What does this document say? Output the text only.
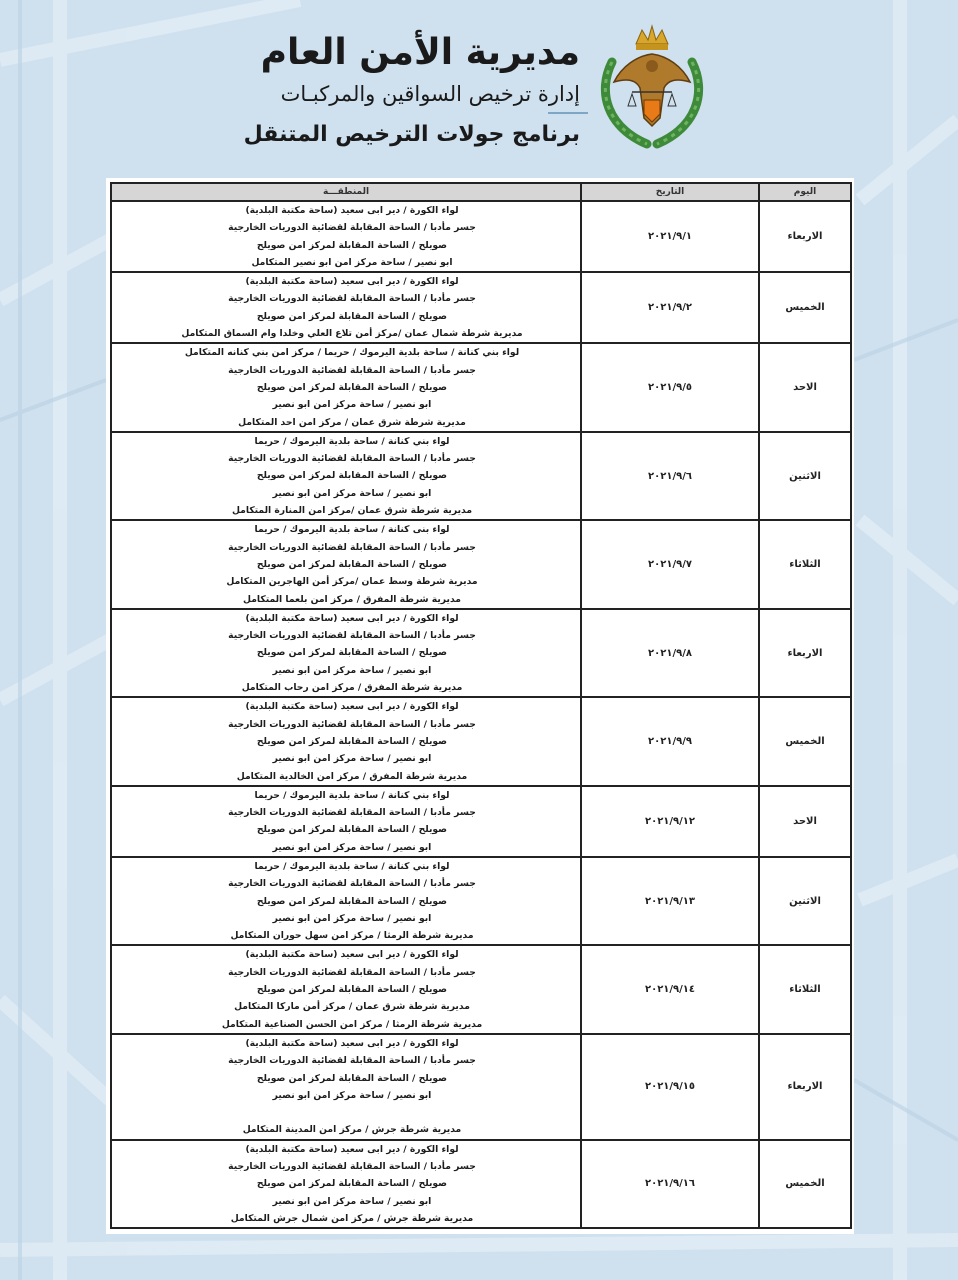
مديرية الأمن العام
إدارة ترخيص السواقين والمركبـات
برنامج جولات الترخيص المتنقل
اليوم	التاريخ	المنطقـــة
الاربعاء	٢٠٢١/٩/١	لواء الكورة / دير ابى سعيد (ساحة مكتبة البلدية)
جسر مأدبا / الساحة المقابلة لقضائية الدوريات الخارجية
صويلح / الساحة المقابلة لمركز امن صويلح
ابو نصير / ساحة مركز امن ابو نصير المتكامل

الخميس	٢٠٢١/٩/٢	لواء الكورة / دير ابى سعيد (ساحة مكتبة البلدية)
جسر مأدبا / الساحة المقابلة لقضائية الدوريات الخارجية
صويلح / الساحة المقابلة لمركز امن صويلح
مديرية شرطة شمال عمان /مركز أمن تلاع العلي وخلدا وام السماق المتكامل

الاحد	٢٠٢١/٩/٥	لواء بني كنانة / ساحة بلدية اليرموك / حريما / مركز امن بني كنانه المتكامل
جسر مأدبا / الساحة المقابلة لقضائية الدوريات الخارجية
صويلح / الساحة المقابلة لمركز امن صويلح
ابو نصير / ساحة مركز امن ابو نصير
مديرية شرطة شرق عمان / مركز امن احد المتكامل

الاثنين	٢٠٢١/٩/٦	لواء بني كنانة / ساحة بلدية اليرموك / حريما
جسر مأدبا / الساحة المقابلة لقضائية الدوريات الخارجية
صويلح / الساحة المقابلة لمركز امن صويلح
ابو نصير / ساحة مركز امن ابو نصير
مديرية شرطة شرق عمان /مركز امن المنارة المتكامل

الثلاثاء	٢٠٢١/٩/٧	لواء بنى كنانة / ساحة بلدية اليرموك / حريما
جسر مأدبا / الساحة المقابلة لقضائية الدوريات الخارجية
صويلح / الساحة المقابلة لمركز امن صويلح
مديرية شرطة وسط عمان /مركز أمن الهاجرين المتكامل
مديرية شرطة المفرق / مركز امن بلعما المتكامل

الاربعاء	٢٠٢١/٩/٨	لواء الكورة / دير ابى سعيد (ساحة مكتبة البلدية)
جسر مأدبا / الساحة المقابلة لقضائية الدوريات الخارجية
صويلح / الساحة المقابلة لمركز امن صويلح
ابو نصير / ساحة مركز امن ابو نصير
مديرية شرطة المفرق / مركز امن رحاب المتكامل

الخميس	٢٠٢١/٩/٩	لواء الكورة / دير ابى سعيد (ساحة مكتبة البلدية)
جسر مأدبا / الساحة المقابلة لقضائية الدوريات الخارجية
صويلح / الساحة المقابلة لمركز امن صويلح
ابو نصير / ساحة مركز امن ابو نصير
مديرية شرطة المفرق / مركز امن الخالدية المتكامل

الاحد	٢٠٢١/٩/١٢	لواء بني كنانة / ساحة بلدية اليرموك / حريما
جسر مأدبا / الساحة المقابلة لقضائية الدوريات الخارجية
صويلح / الساحة المقابلة لمركز امن صويلح
ابو نصير / ساحة مركز امن ابو نصير

الاثنين	٢٠٢١/٩/١٣	لواء بني كنانة / ساحة بلدية اليرموك / حريما
جسر مأدبا / الساحة المقابلة لقضائية الدوريات الخارجية
صويلح / الساحة المقابلة لمركز امن صويلح
ابو نصير / ساحة مركز امن ابو نصير
مديرية شرطة الرمثا / مركز امن سهل حوران المتكامل

الثلاثاء	٢٠٢١/٩/١٤	لواء الكورة / دير ابى سعيد (ساحة مكتبة البلدية)
جسر مأدبا / الساحة المقابلة لقضائية الدوريات الخارجية
صويلح / الساحة المقابلة لمركز امن صويلح
مديرية شرطة شرق عمان / مركز أمن ماركا المتكامل
مديرية شرطة الرمثا / مركز امن الحسن الصناعية المتكامل

الاربعاء	٢٠٢١/٩/١٥	لواء الكورة / دير ابى سعيد (ساحة مكتبة البلدية)
جسر مأدبا / الساحة المقابلة لقضائية الدوريات الخارجية
صويلح / الساحة المقابلة لمركز امن صويلح
ابو نصير / ساحة مركز امن ابو نصير
مديرية شرطة جرش / مركز امن المدينة المتكامل

الخميس	٢٠٢١/٩/١٦	لواء الكورة / دير ابى سعيد (ساحة مكتبة البلدية)
جسر مأدبا / الساحة المقابلة لقضائية الدوريات الخارجية
صويلح / الساحة المقابلة لمركز امن صويلح
ابو نصير / ساحة مركز امن ابو نصير
مديرية شرطة جرش / مركز امن شمال جرش المتكامل
